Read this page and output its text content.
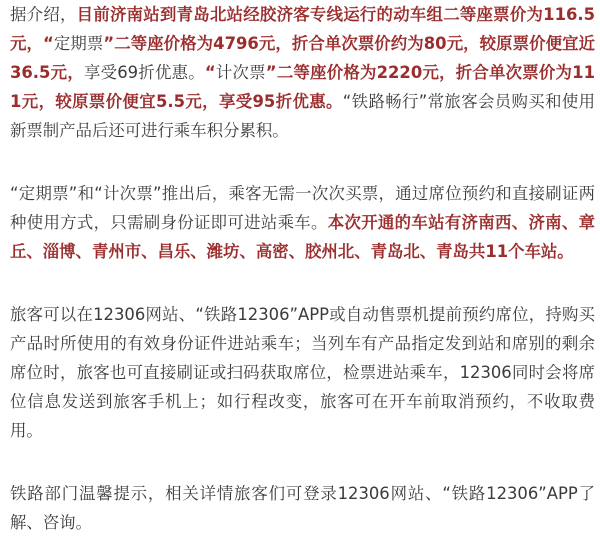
据介绍，目前济南站到青岛北站经胶济客专线运行的动车组二等座票价为116.5元，“定期票”二等座价格为4796元，折合单次票价约为80元，较原票价便宜近36.5元，享受69折优惠。“计次票”二等座价格为2220元，折合单次票价为111元，较原票价便宜5.5元，享受95折优惠。“铁路畅行”常旅客会员购买和使用新票制产品后还可进行乘车积分累积。

“定期票”和“计次票”推出后，乘客无需一次次买票，通过席位预约和直接刷证两种使用方式，只需刷身份证即可进站乘车。本次开通的车站有济南西、济南、章丘、淄博、青州市、昌乐、潍坊、高密、胶州北、青岛北、青岛共11个车站。

旅客可以在12306网站、“铁路12306”APP或自动售票机提前预约席位，持购买产品时所使用的有效身份证件进站乘车；当列车有产品指定发到站和席别的剩余席位时，旅客也可直接刷证或扫码获取席位，检票进站乘车，12306同时会将席位信息发送到旅客手机上；如行程改变，旅客可在开车前取消预约，不收取费用。

铁路部门温馨提示，相关详情旅客们可登录12306网站、“铁路12306”APP了解、咨询。
